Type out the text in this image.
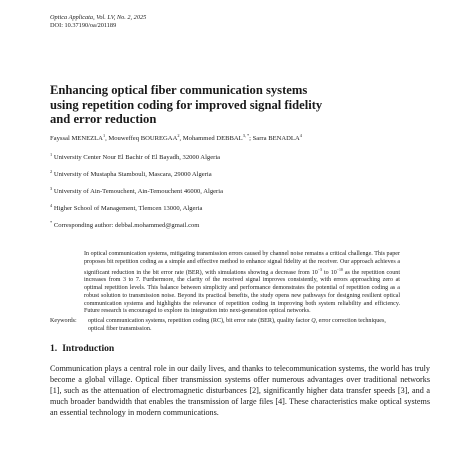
Optica Applicata, Vol. LV, No. 2, 2025
DOI: 10.37190/oa/201189
Enhancing optical fiber communication systems
using repetition coding for improved signal fidelity
and error reduction
Fayssal MENEZLA$^1$, Mouweffeq BOUREGAA$^2$, Mohammed $DEBBAL^{3, *}$; Sarra BENADLA$^4$
$^1$ University Center Nour El Bachir of El Bayadh, 32000 Algeria
$^2$ University of Mustapha Stambouli, Mascara, 29000 Algeria
$^3$ University of Ain-Temouchent, Ain-Temouchent 46000, Algeria
$^4$ Higher School of Management, Tlemcen 13000, Algeria
* Corresponding author: debbal.mohammed@gmail.com
In optical communication systems, mitigating transmission errors caused by channel noise remains a critical challenge. This paper proposes bit repetition coding as a simple and effective method to enhance signal fidelity at the receiver. Our approach achieves a significant reduction in the bit error rate (BER), with simulations showing a decrease from $10^{-3}$ to $10^{-10}$ as the repetition count increases from 3 to 7. Furthermore, the clarity of the received signal improves consistently, with errors approaching zero at optimal repetition levels. This balance between simplicity and performance demonstrates the potential of repetition coding as a robust solution to transmission noise. Beyond its practical benefits, the study opens new pathways for designing resilient optical communication systems and highlights the relevance of repetition coding in improving both system reliability and efficiency. Future research is encouraged to explore its integration into next-generation optical networks.
Keywords: optical communication systems, repetition coding (RC), bit error rate (BER), quality factor Q, error correction techniques, optical fiber transmission.
1. Introduction
Communication plays a central role in our daily lives, and thanks to telecommunication systems, the world has truly become a global village. Optical fiber transmission systems offer numerous advantages over traditional networks [1], such as the attenuation of electromagnetic disturbances [2], significantly higher data transfer speeds [3], and a much broader bandwidth that enables the transmission of large files [4]. These characteristics make optical systems an essential technology in modern communications.
